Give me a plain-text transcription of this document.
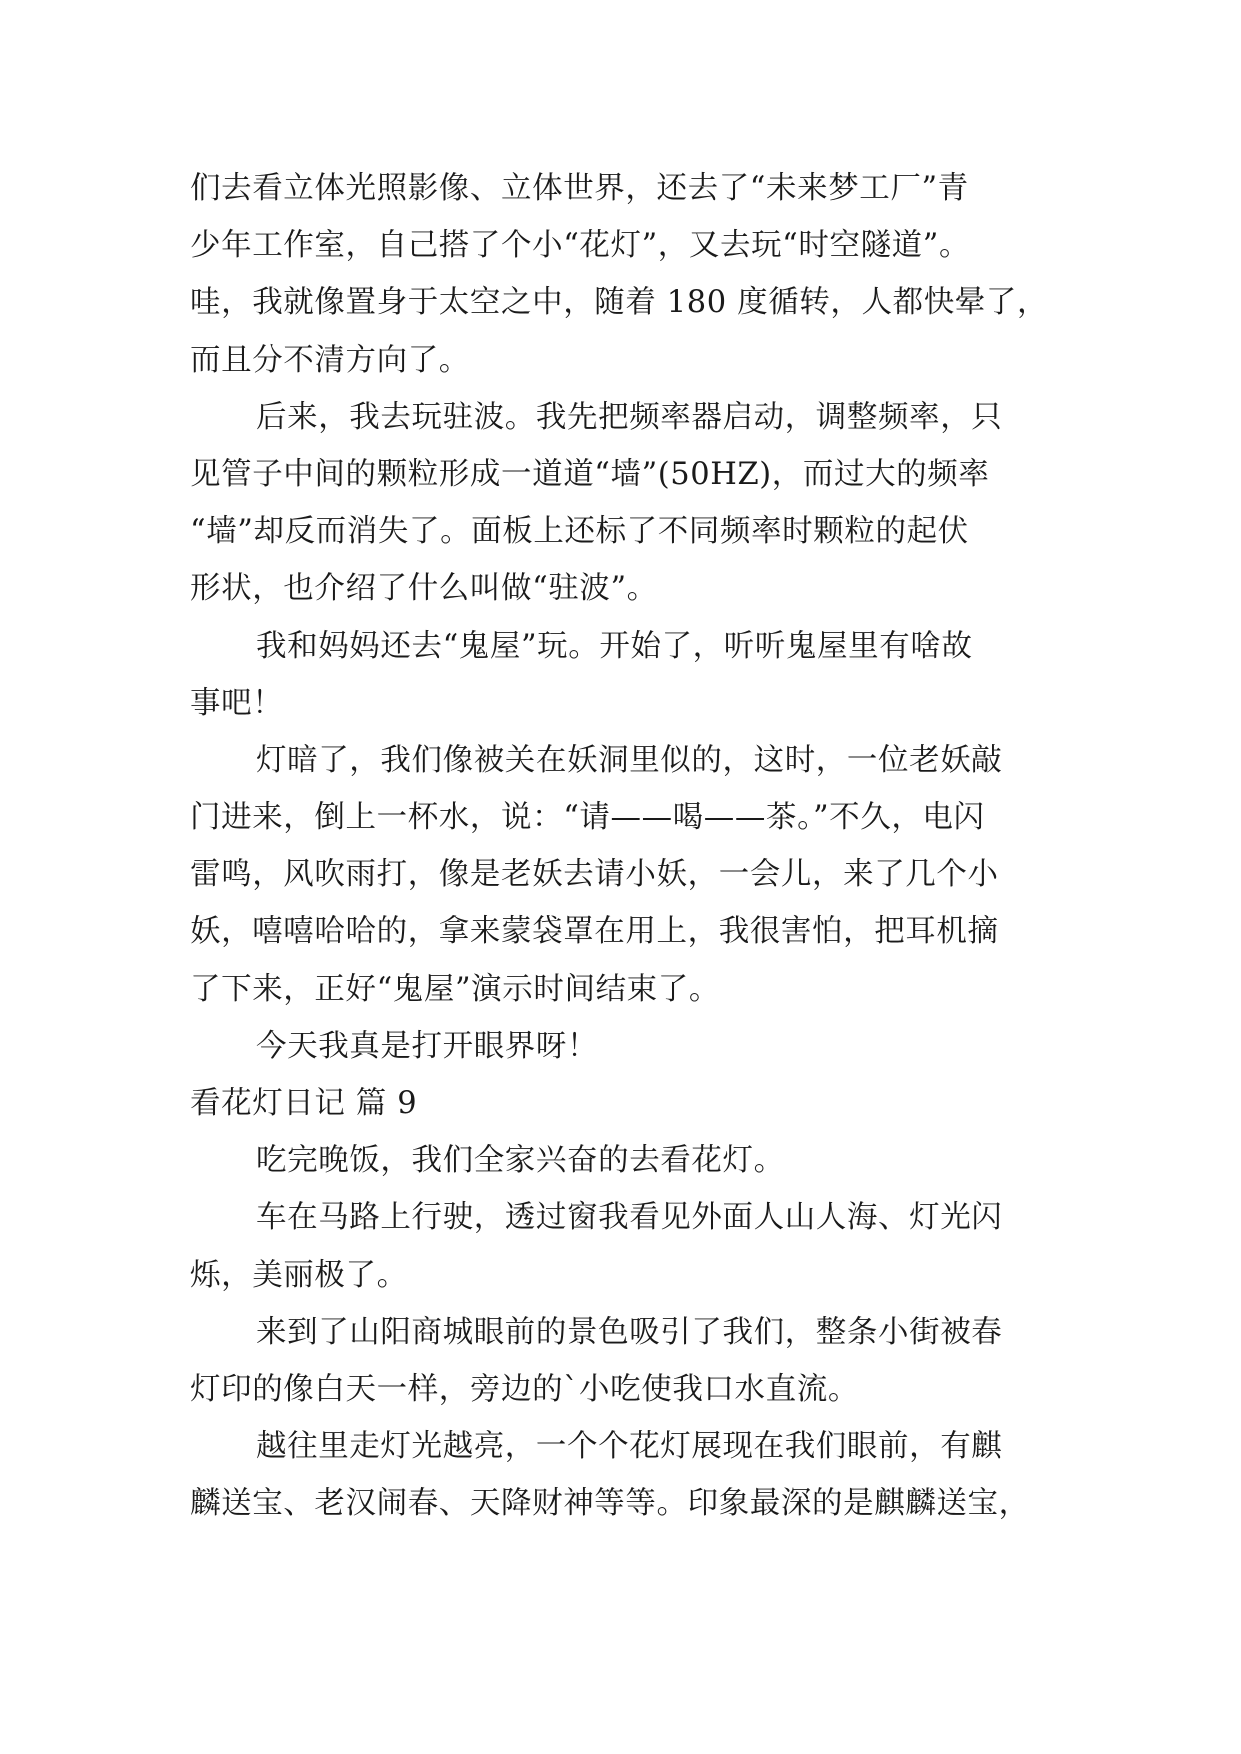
们去看立体光照影像、立体世界，还去了“未来梦工厂”青
少年工作室，自己搭了个小“花灯”，又去玩“时空隧道”。
哇，我就像置身于太空之中，随着 180 度循转，人都快晕了，
而且分不清方向了。
后来，我去玩驻波。我先把频率器启动，调整频率，只
见管子中间的颗粒形成一道道“墙”(50HZ)，而过大的频率
“墙”却反而消失了。面板上还标了不同频率时颗粒的起伏
形状，也介绍了什么叫做“驻波”。
我和妈妈还去“鬼屋”玩。开始了，听听鬼屋里有啥故
事吧！
灯暗了，我们像被关在妖洞里似的，这时，一位老妖敲
门进来，倒上一杯水，说：“请——喝——茶。”不久，电闪
雷鸣，风吹雨打，像是老妖去请小妖，一会儿，来了几个小
妖，嘻嘻哈哈的，拿来蒙袋罩在用上，我很害怕，把耳机摘
了下来，正好“鬼屋”演示时间结束了。
今天我真是打开眼界呀！
看花灯日记 篇 9
吃完晚饭，我们全家兴奋的去看花灯。
车在马路上行驶，透过窗我看见外面人山人海、灯光闪
烁，美丽极了。
来到了山阳商城眼前的景色吸引了我们，整条小街被春
灯印的像白天一样，旁边的`小吃使我口水直流。
越往里走灯光越亮，一个个花灯展现在我们眼前，有麒
麟送宝、老汉闹春、天降财神等等。印象最深的是麒麟送宝，
